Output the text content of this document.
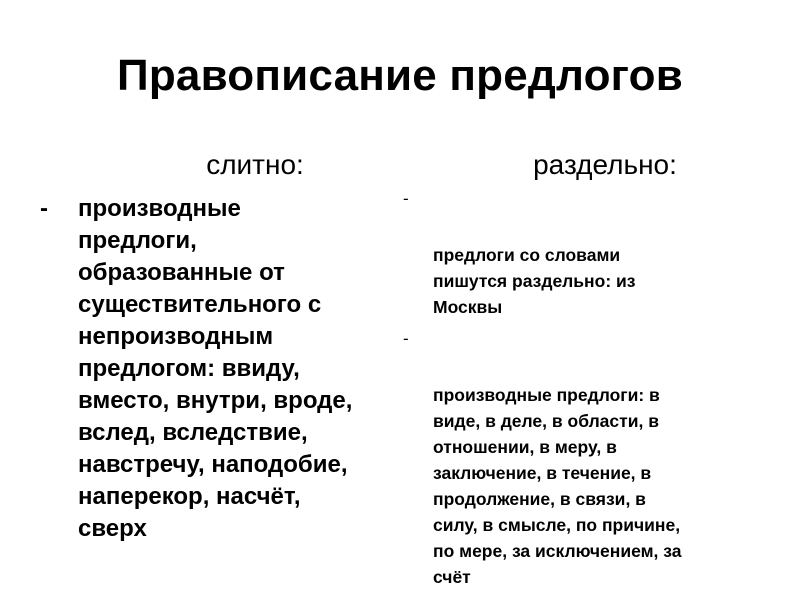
Правописание предлогов
слитно:	раздельно:
-	производные
предлоги,
образованные от
существительного с
непроизводным
предлогом: ввиду,
вместо, внутри, вроде,
вслед, вследствие,
навстречу, наподобие,
наперекор, насчёт,
сверх

-

предлоги со словами
пишутся раздельно: из
Москвы

-

производные предлоги: в
виде, в деле, в области, в
отношении, в меру, в
заключение, в течение, в
продолжение, в связи, в
силу, в смысле, по причине,
по мере, за исключением, за
счёт
